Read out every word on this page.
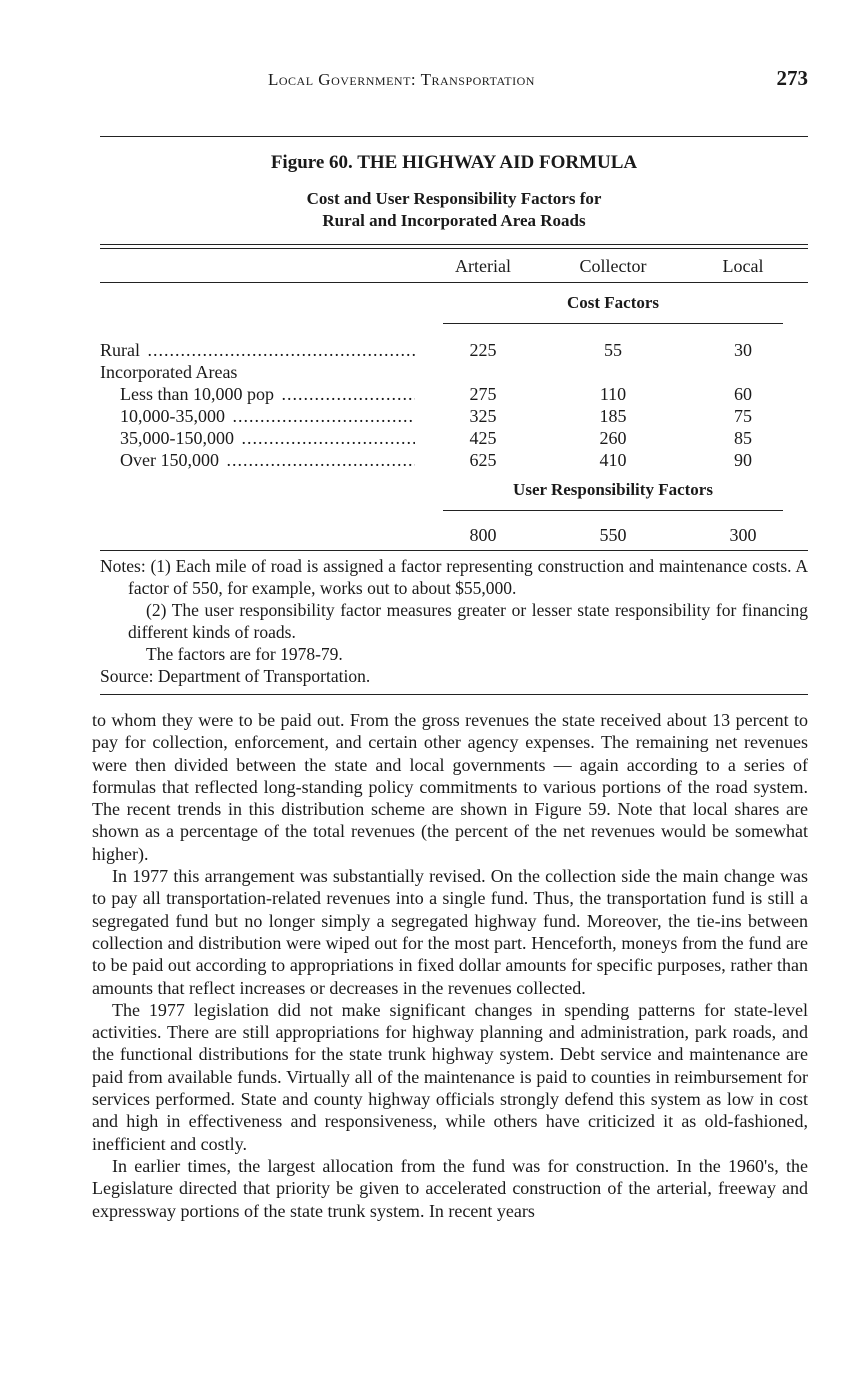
Local Government: Transportation	273
Figure 60. THE HIGHWAY AID FORMULA
Cost and User Responsibility Factors for
Rural and Incorporated Area Roads
Arterial	Collector	Local
Cost Factors
Rural .....	225	55	30
Incorporated Areas
Less than 10,000 pop .....	275	110	60
10,000-35,000 .....	325	185	75
35,000-150,000 .....	425	260	85
Over 150,000 .....	625	410	90
User Responsibility Factors
800	550	300

Notes: (1) Each mile of road is assigned a factor representing construction and maintenance costs. A factor of 550, for example, works out to about $55,000.

(2) The user responsibility factor measures greater or lesser state responsibility for financing different kinds of roads.

The factors are for 1978-79.

Source: Department of Transportation.

to whom they were to be paid out. From the gross revenues the state received about 13 percent to pay for collection, enforcement, and certain other agency expenses. The remaining net revenues were then divided between the state and local governments — again according to a series of formulas that reflected long-standing policy commitments to various portions of the road system. The recent trends in this distribution scheme are shown in Figure 59. Note that local shares are shown as a percentage of the total revenues (the percent of the net revenues would be somewhat higher).

In 1977 this arrangement was substantially revised. On the collection side the main change was to pay all transportation-related revenues into a single fund. Thus, the transportation fund is still a segregated fund but no longer simply a segregated highway fund. Moreover, the tie-ins between collection and distribution were wiped out for the most part. Henceforth, moneys from the fund are to be paid out according to appropriations in fixed dollar amounts for specific purposes, rather than amounts that reflect increases or decreases in the revenues collected.

The 1977 legislation did not make significant changes in spending patterns for state-level activities. There are still appropriations for highway planning and administration, park roads, and the functional distributions for the state trunk highway system. Debt service and maintenance are paid from available funds. Virtually all of the maintenance is paid to counties in reimbursement for services performed. State and county highway officials strongly defend this system as low in cost and high in effectiveness and responsiveness, while others have criticized it as old-fashioned, inefficient and costly.

In earlier times, the largest allocation from the fund was for construction. In the 1960's, the Legislature directed that priority be given to accelerated construction of the arterial, freeway and expressway portions of the state trunk system. In recent years
